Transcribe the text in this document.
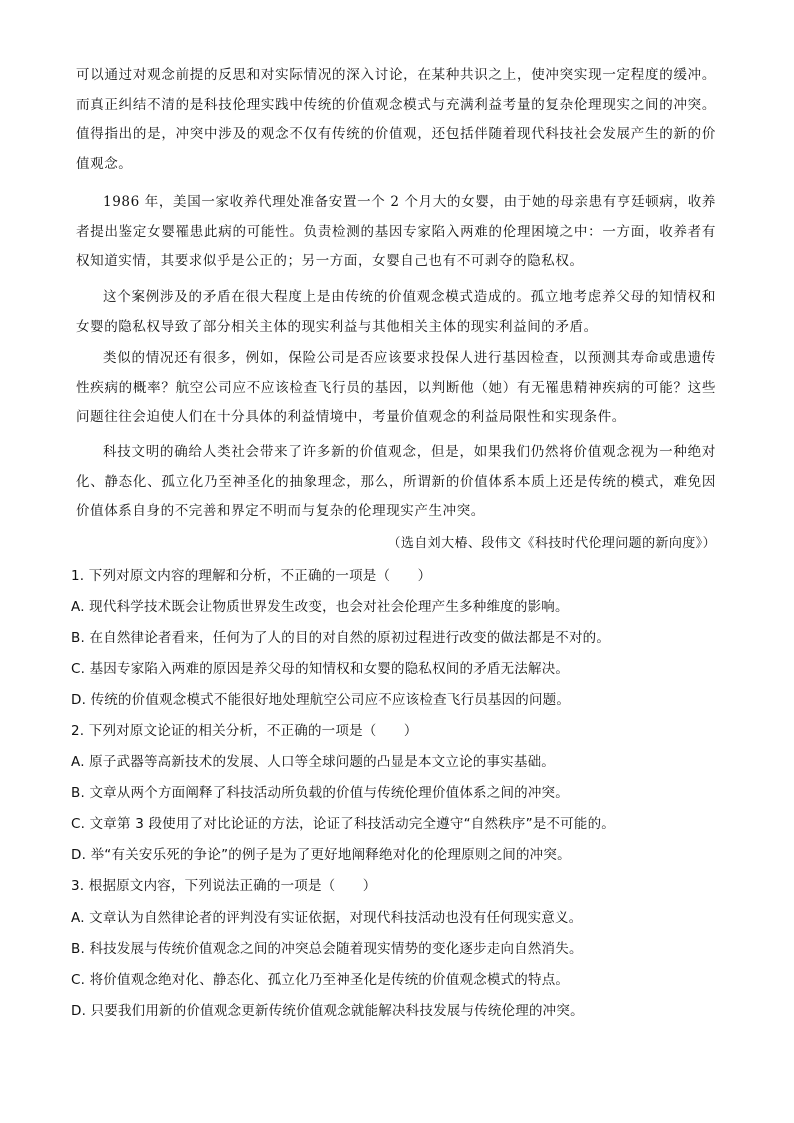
可以通过对观念前提的反思和对实际情况的深入讨论，在某种共识之上，使冲突实现一定程度的缓冲。而真正纠结不清的是科技伦理实践中传统的价值观念模式与充满利益考量的复杂伦理现实之间的冲突。值得指出的是，冲突中涉及的观念不仅有传统的价值观，还包括伴随着现代科技社会发展产生的新的价值观念。

1986 年，美国一家收养代理处准备安置一个 2 个月大的女婴，由于她的母亲患有亨廷顿病，收养者提出鉴定女婴罹患此病的可能性。负责检测的基因专家陷入两难的伦理困境之中：一方面，收养者有权知道实情，其要求似乎是公正的；另一方面，女婴自己也有不可剥夺的隐私权。

这个案例涉及的矛盾在很大程度上是由传统的价值观念模式造成的。孤立地考虑养父母的知情权和女婴的隐私权导致了部分相关主体的现实利益与其他相关主体的现实利益间的矛盾。

类似的情况还有很多，例如，保险公司是否应该要求投保人进行基因检查，以预测其寿命或患遗传性疾病的概率？航空公司应不应该检查飞行员的基因，以判断他（她）有无罹患精神疾病的可能？这些问题往往会迫使人们在十分具体的利益情境中，考量价值观念的利益局限性和实现条件。

科技文明的确给人类社会带来了许多新的价值观念，但是，如果我们仍然将价值观念视为一种绝对化、静态化、孤立化乃至神圣化的抽象理念，那么，所谓新的价值体系本质上还是传统的模式，难免因价值体系自身的不完善和界定不明而与复杂的伦理现实产生冲突。

（选自刘大椿、段伟文《科技时代伦理问题的新向度》）

1. 下列对原文内容的理解和分析，不正确的一项是（　　）

A. 现代科学技术既会让物质世界发生改变，也会对社会伦理产生多种维度的影响。

B. 在自然律论者看来，任何为了人的目的对自然的原初过程进行改变的做法都是不对的。

C. 基因专家陷入两难的原因是养父母的知情权和女婴的隐私权间的矛盾无法解决。

D. 传统的价值观念模式不能很好地处理航空公司应不应该检查飞行员基因的问题。

2. 下列对原文论证的相关分析，不正确的一项是（　　）

A. 原子武器等高新技术的发展、人口等全球问题的凸显是本文立论的事实基础。

B. 文章从两个方面阐释了科技活动所负载的价值与传统伦理价值体系之间的冲突。

C. 文章第 3 段使用了对比论证的方法，论证了科技活动完全遵守“自然秩序”是不可能的。

D. 举“有关安乐死的争论”的例子是为了更好地阐释绝对化的伦理原则之间的冲突。

3. 根据原文内容，下列说法正确的一项是（　　）

A. 文章认为自然律论者的评判没有实证依据，对现代科技活动也没有任何现实意义。

B. 科技发展与传统价值观念之间的冲突总会随着现实情势的变化逐步走向自然消失。

C. 将价值观念绝对化、静态化、孤立化乃至神圣化是传统的价值观念模式的特点。

D. 只要我们用新的价值观念更新传统价值观念就能解决科技发展与传统伦理的冲突。
